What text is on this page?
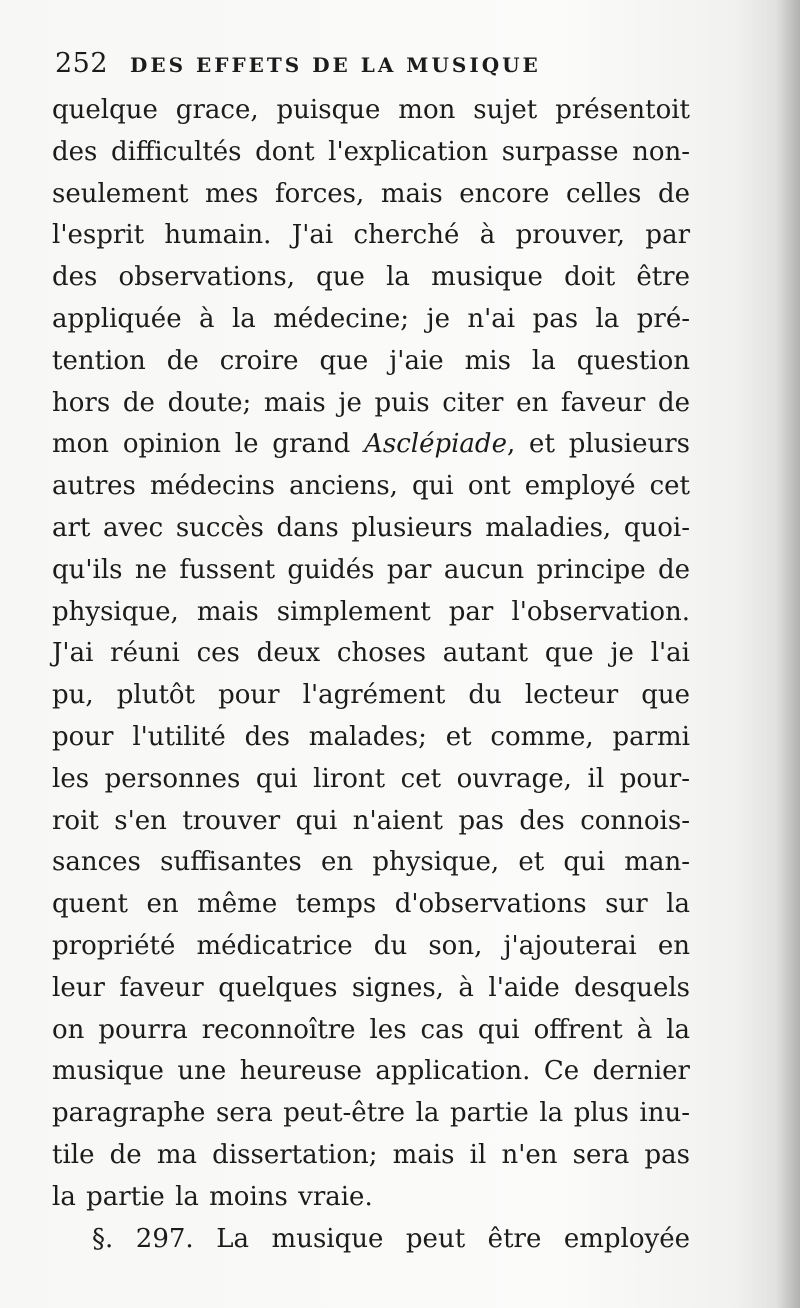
252 DES EFFETS DE LA MUSIQUE
quelque grace, puisque mon sujet présentoit
des difficultés dont l'explication surpasse non-
seulement mes forces, mais encore celles de
l'esprit humain. J'ai cherché à prouver, par
des observations, que la musique doit être
appliquée à la médecine; je n'ai pas la pré-
tention de croire que j'aie mis la question
hors de doute; mais je puis citer en faveur de
mon opinion le grand Asclépiade, et plusieurs
autres médecins anciens, qui ont employé cet
art avec succès dans plusieurs maladies, quoi-
qu'ils ne fussent guidés par aucun principe de
physique, mais simplement par l'observation.
J'ai réuni ces deux choses autant que je l'ai
pu, plutôt pour l'agrément du lecteur que
pour l'utilité des malades; et comme, parmi
les personnes qui liront cet ouvrage, il pour-
roit s'en trouver qui n'aient pas des connois-
sances suffisantes en physique, et qui man-
quent en même temps d'observations sur la
propriété médicatrice du son, j'ajouterai en
leur faveur quelques signes, à l'aide desquels
on pourra reconnoître les cas qui offrent à la
musique une heureuse application. Ce dernier
paragraphe sera peut-être la partie la plus inu-
tile de ma dissertation; mais il n'en sera pas
la partie la moins vraie.
§. 297. La musique peut être employée
